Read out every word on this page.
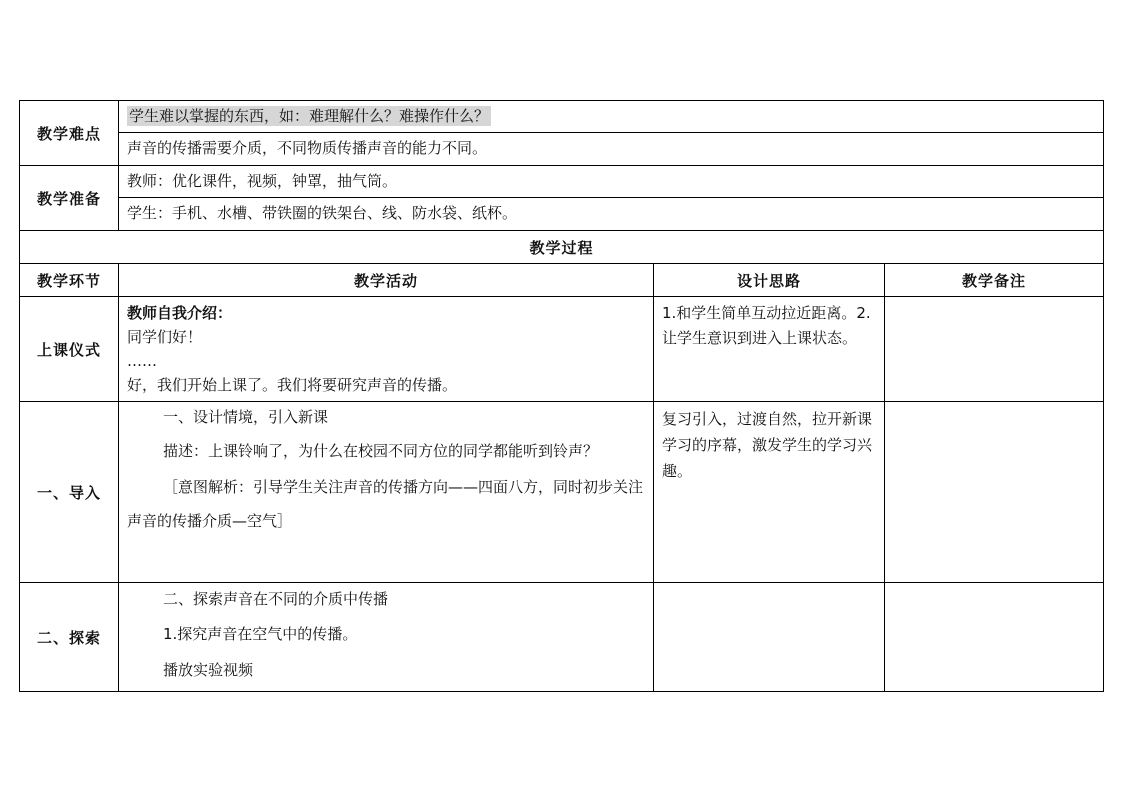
教学难点	学生难以掌握的东西，如：难理解什么？难操作什么？		
	声音的传播需要介质，不同物质传播声音的能力不同。		
教学准备	教师：优化课件，视频，钟罩，抽气筒。		
	学生：手机、水槽、带铁圈的铁架台、线、防水袋、纸杯。		
教学过程			
教学环节	教学活动	设计思路	教学备注
上课仪式	教师自我介绍：
同学们好！
……
好，我们开始上课了。我们将要研究声音的传播。	1.和学生简单互动拉近距离。2.让学生意识到进入上课状态。	
一、导入	一、设计情境，引入新课
描述：上课铃响了，为什么在校园不同方位的同学都能听到铃声？
［意图解析：引导学生关注声音的传播方向——四面八方，同时初步关注声音的传播介质—空气］	复习引入，过渡自然，拉开新课学习的序幕，激发学生的学习兴趣。	
二、探索	二、探索声音在不同的介质中传播
1.探究声音在空气中的传播。
播放实验视频		
